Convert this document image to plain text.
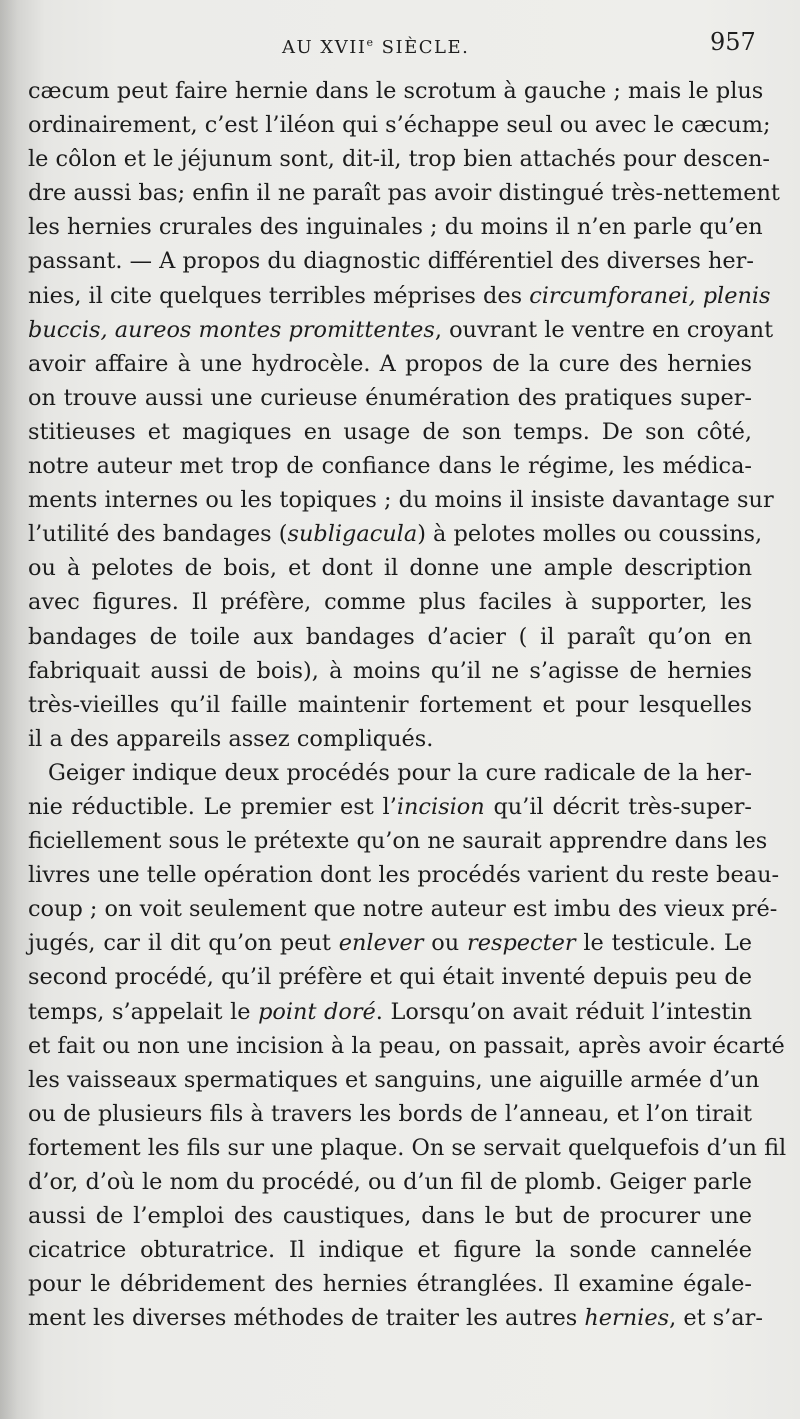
AU XVIIe SIÈCLE.	957
cæcum peut faire hernie dans le scrotum à gauche ; mais le plus
ordinairement, c’est l’iléon qui s’échappe seul ou avec le cæcum;
le côlon et le jéjunum sont, dit-il, trop bien attachés pour descen-
dre aussi bas; enfin il ne paraît pas avoir distingué très-nettement
les hernies crurales des inguinales ; du moins il n’en parle qu’en
passant. — A propos du diagnostic différentiel des diverses her-
nies, il cite quelques terribles méprises des circumforanei, plenis
buccis, aureos montes promittentes, ouvrant le ventre en croyant
avoir affaire à une hydrocèle. A propos de la cure des hernies
on trouve aussi une curieuse énumération des pratiques super-
stitieuses et magiques en usage de son temps. De son côté,
notre auteur met trop de confiance dans le régime, les médica-
ments internes ou les topiques ; du moins il insiste davantage sur
l’utilité des bandages (subligacula) à pelotes molles ou coussins,
ou à pelotes de bois, et dont il donne une ample description
avec figures. Il préfère, comme plus faciles à supporter, les
bandages de toile aux bandages d’acier ( il paraît qu’on en
fabriquait aussi de bois), à moins qu’il ne s’agisse de hernies
très-vieilles qu’il faille maintenir fortement et pour lesquelles
il a des appareils assez compliqués.
Geiger indique deux procédés pour la cure radicale de la her-
nie réductible. Le premier est l’incision qu’il décrit très-super-
ficiellement sous le prétexte qu’on ne saurait apprendre dans les
livres une telle opération dont les procédés varient du reste beau-
coup ; on voit seulement que notre auteur est imbu des vieux pré-
jugés, car il dit qu’on peut enlever ou respecter le testicule. Le
second procédé, qu’il préfère et qui était inventé depuis peu de
temps, s’appelait le point doré. Lorsqu’on avait réduit l’intestin
et fait ou non une incision à la peau, on passait, après avoir écarté
les vaisseaux spermatiques et sanguins, une aiguille armée d’un
ou de plusieurs fils à travers les bords de l’anneau, et l’on tirait
fortement les fils sur une plaque. On se servait quelquefois d’un fil
d’or, d’où le nom du procédé, ou d’un fil de plomb. Geiger parle
aussi de l’emploi des caustiques, dans le but de procurer une
cicatrice obturatrice. Il indique et figure la sonde cannelée
pour le débridement des hernies étranglées. Il examine égale-
ment les diverses méthodes de traiter les autres hernies, et s’ar-
